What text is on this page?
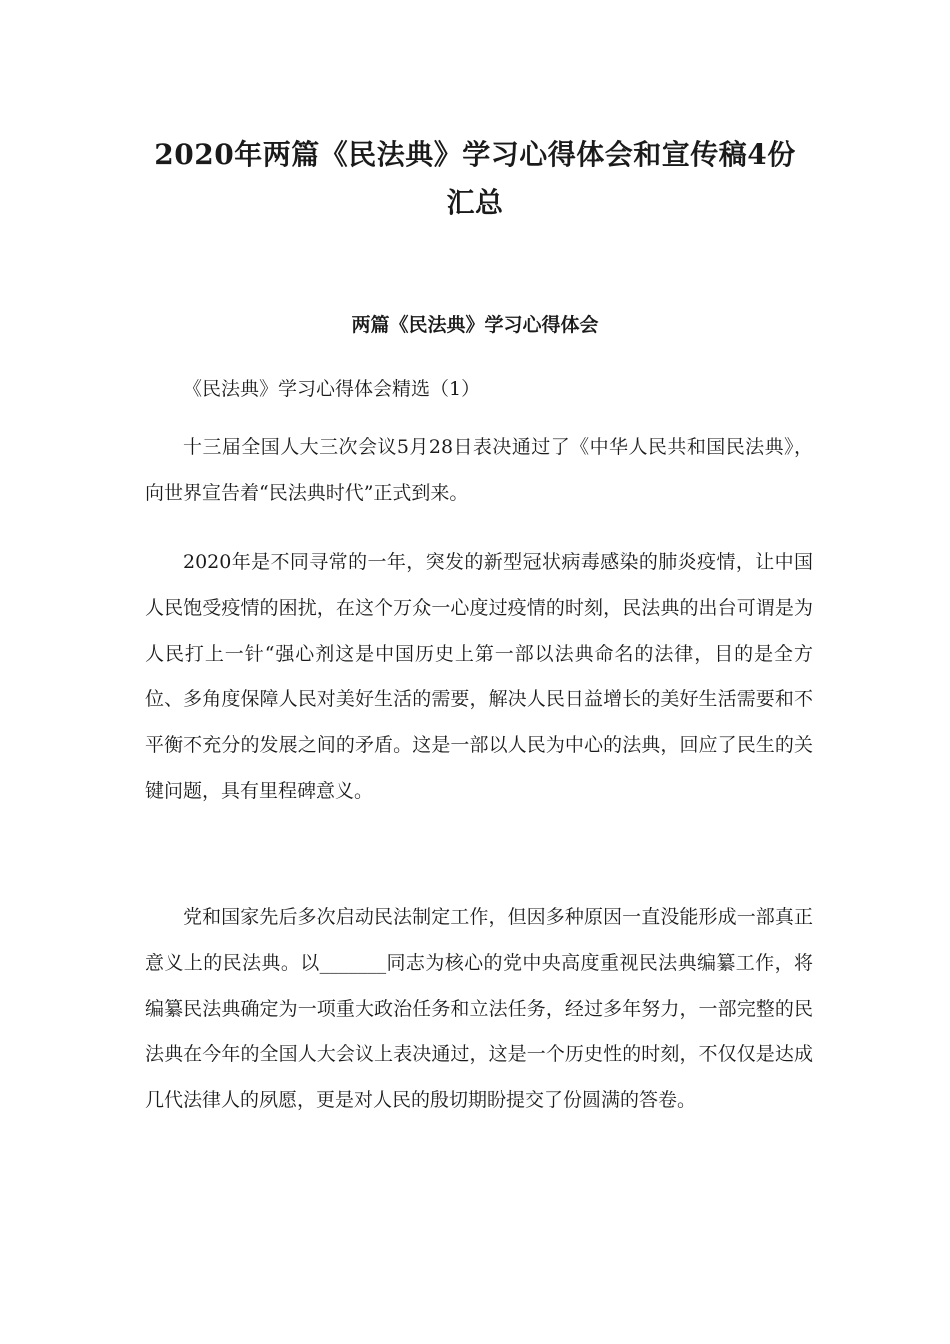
2020年两篇《民法典》学习心得体会和宣传稿4份
汇总
两篇《民法典》学习心得体会

《民法典》学习心得体会精选（1）

十三届全国人大三次会议5月28日表决通过了《中华人民共和国民法典》，向世界宣告着“民法典时代”正式到来。

2020年是不同寻常的一年，突发的新型冠状病毒感染的肺炎疫情，让中国人民饱受疫情的困扰，在这个万众一心度过疫情的时刻，民法典的出台可谓是为人民打上一针“强心剂这是中国历史上第一部以法典命名的法律，目的是全方位、多角度保障人民对美好生活的需要，解决人民日益增长的美好生活需要和不平衡不充分的发展之间的矛盾。这是一部以人民为中心的法典，回应了民生的关键问题，具有里程碑意义。

党和国家先后多次启动民法制定工作，但因多种原因一直没能形成一部真正意义上的民法典。以_______同志为核心的党中央高度重视民法典编纂工作，将编纂民法典确定为一项重大政治任务和立法任务，经过多年努力，一部完整的民法典在今年的全国人大会议上表决通过，这是一个历史性的时刻，不仅仅是达成几代法律人的夙愿，更是对人民的殷切期盼提交了份圆满的答卷。
